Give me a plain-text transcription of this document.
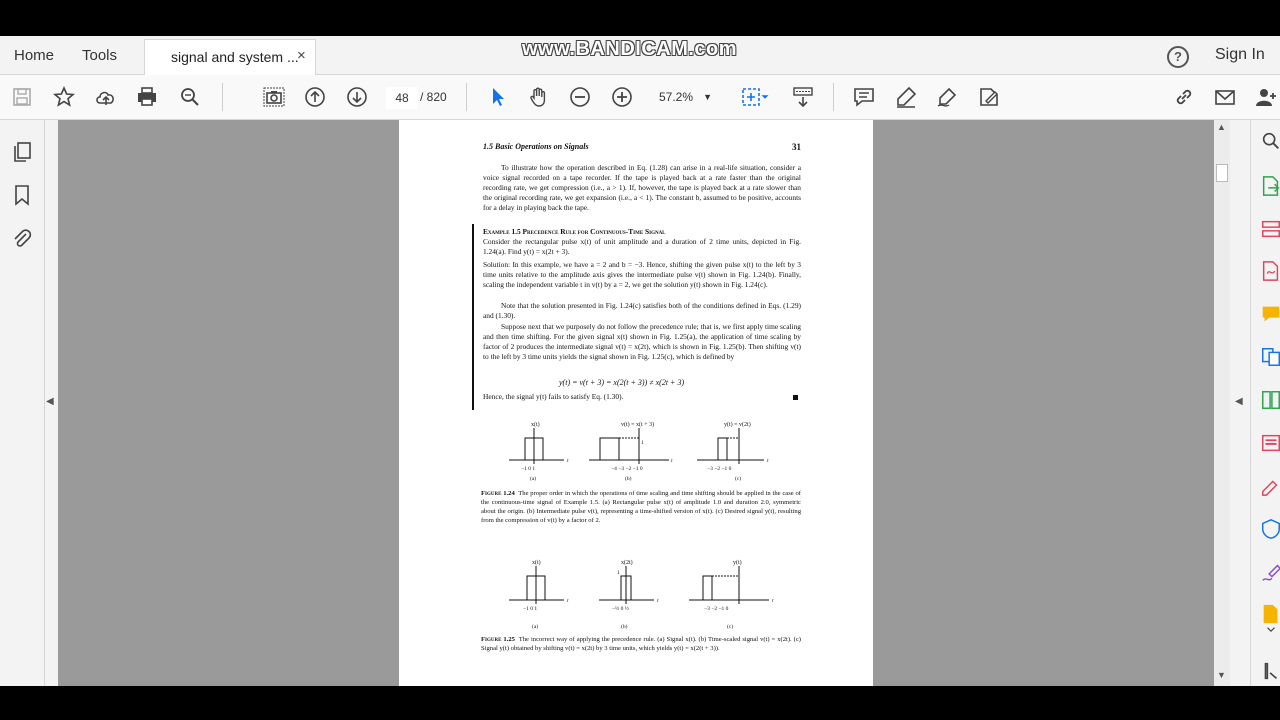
Home Tools	signal and system ...
×	www.BANDICAM.com	?	Sign In
48 / 820	57.2% ▼
◀
1.5 Basic Operations on Signals	31
To illustrate how the operation described in Eq. (1.28) can arise in a real-life situation, consider a voice signal recorded on a tape recorder. If the tape is played back at a rate faster than the original recording rate, we get compression (i.e., a > 1). If, however, the tape is played back at a rate slower than the original recording rate, we get expansion (i.e., a < 1). The constant b, assumed to be positive, accounts for a delay in playing back the tape.
Example 1.5 Precedence Rule for Continuous-Time Signal
Consider the rectangular pulse x(t) of unit amplitude and a duration of 2 time units, depicted in Fig. 1.24(a). Find y(t) = x(2t + 3).
Solution: In this example, we have a = 2 and b = −3. Hence, shifting the given pulse x(t) to the left by 3 time units relative to the amplitude axis gives the intermediate pulse v(t) shown in Fig. 1.24(b). Finally, scaling the independent variable t in v(t) by a = 2, we get the solution y(t) shown in Fig. 1.24(c).
Note that the solution presented in Fig. 1.24(c) satisfies both of the conditions defined in Eqs. (1.29) and (1.30).
Suppose next that we purposely do not follow the precedence rule; that is, we first apply time scaling and then time shifting. For the given signal x(t) shown in Fig. 1.25(a), the application of time scaling by factor of 2 produces the intermediate signal v(t) = x(2t), which is shown in Fig. 1.25(b). Then shifting v(t) to the left by 3 time units yields the signal shown in Fig. 1.25(c), which is defined by
y(t) = v(t + 3) = x(2(t + 3)) ≠ x(2t + 3)
Hence, the signal y(t) fails to satisfy Eq. (1.30).
x(t)	v(t) = x(t + 3)	y(t) = v(2t)
1
t	t	t
−1 0 1	−4 −3 −2 −1 0	−3 −2 −1 0
(a)	(b)	(c)
Figure 1.24 The proper order in which the operations of time scaling and time shifting should be applied in the case of the continuous-time signal of Example 1.5. (a) Rectangular pulse x(t) of amplitude 1.0 and duration 2.0, symmetric about the origin. (b) Intermediate pulse v(t), representing a time-shifted version of x(t). (c) Desired signal y(t), resulting from the compression of v(t) by a factor of 2.
x(t)	x(2t)	y(t)
1
t	t	t
−1 0 1	−½ 0 ½	−3 −2 −1 0
(a)	(b)	(c)
Figure 1.25 The incorrect way of applying the precedence rule. (a) Signal x(t). (b) Time-scaled signal v(t) = x(2t). (c) Signal y(t) obtained by shifting v(t) = x(2t) by 3 time units, which yields y(t) = x(2(t + 3)).
▲
▼
◀
